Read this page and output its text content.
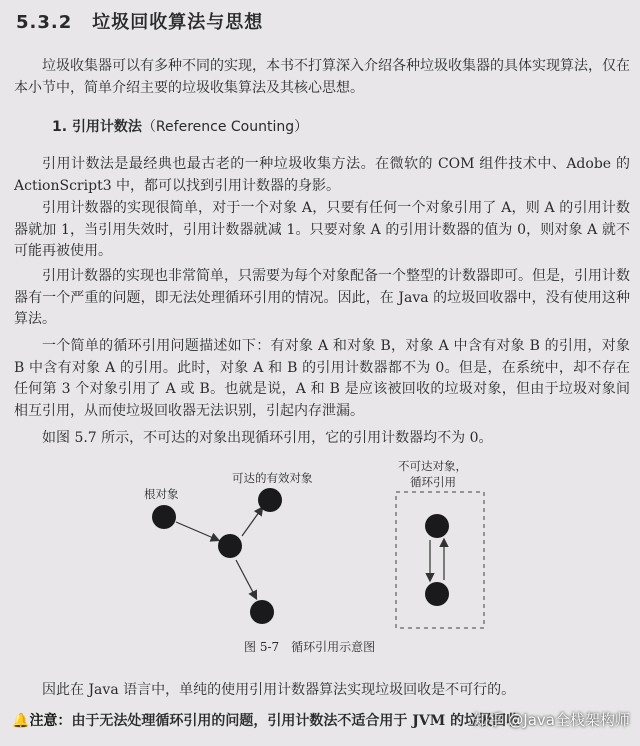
5.3.2 垃圾回收算法与思想
垃圾收集器可以有多种不同的实现，本书不打算深入介绍各种垃圾收集器的具体实现算法，仅在本小节中，简单介绍主要的垃圾收集算法及其核心思想。
1. 引用计数法（Reference Counting）
引用计数法是最经典也最古老的一种垃圾收集方法。在微软的 COM 组件技术中、Adobe 的 ActionScript3 中，都可以找到引用计数器的身影。
引用计数器的实现很简单，对于一个对象 A，只要有任何一个对象引用了 A，则 A 的引用计数器就加 1，当引用失效时，引用计数器就减 1。只要对象 A 的引用计数器的值为 0，则对象 A 就不可能再被使用。
引用计数器的实现也非常简单，只需要为每个对象配备一个整型的计数器即可。但是，引用计数器有一个严重的问题，即无法处理循环引用的情况。因此，在 Java 的垃圾回收器中，没有使用这种算法。
一个简单的循环引用问题描述如下：有对象 A 和对象 B，对象 A 中含有对象 B 的引用，对象 B 中含有对象 A 的引用。此时，对象 A 和 B 的引用计数器都不为 0。但是，在系统中，却不存在任何第 3 个对象引用了 A 或 B。也就是说，A 和 B 是应该被回收的垃圾对象，但由于垃圾对象间相互引用，从而使垃圾回收器无法识别，引起内存泄漏。
如图 5.7 所示，不可达的对象出现循环引用，它的引用计数器均不为 0。
根对象
可达的有效对象
不可达对象，
循环引用
图 5-7 循环引用示意图
因此在 Java 语言中，单纯的使用引用计数器算法实现垃圾回收是不可行的。
🔔注意：由于无法处理循环引用的问题，引用计数法不适合用于 JVM 的垃圾回收
知乎 @Java全栈架构师
